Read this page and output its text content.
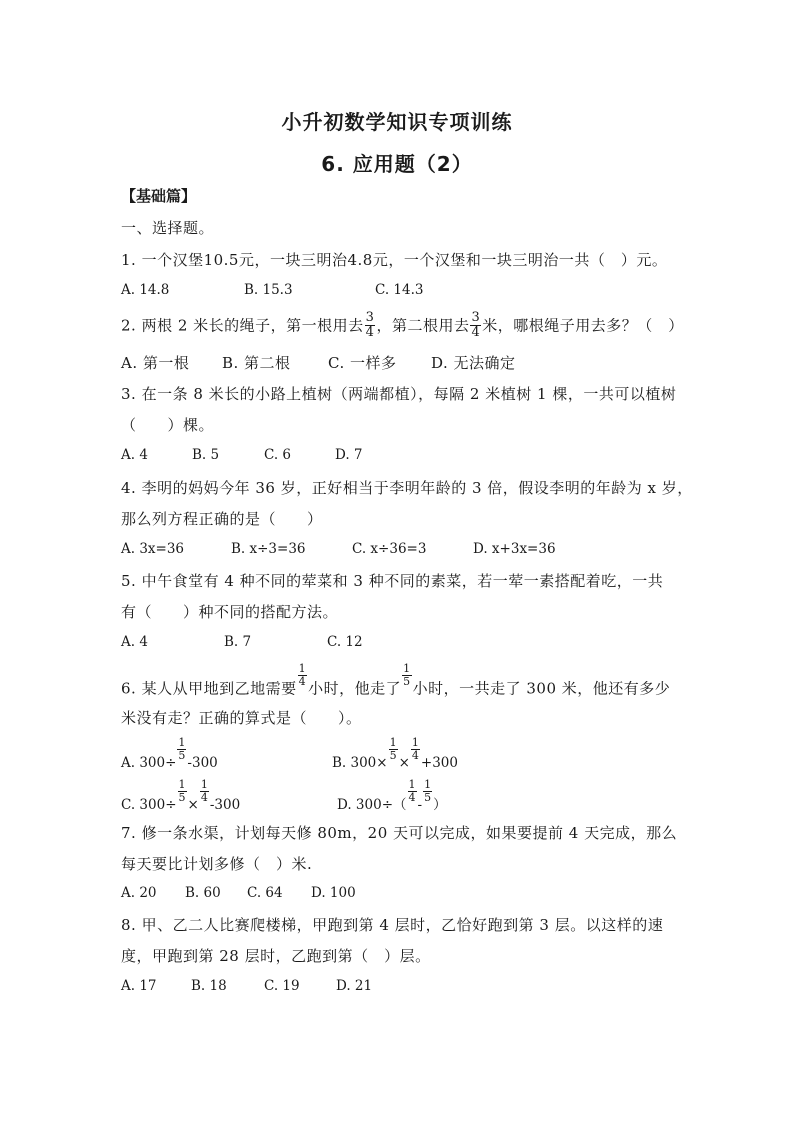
小升初数学知识专项训练
6. 应用题（2）
【基础篇】
一、选择题。
1. 一个汉堡10.5元，一块三明治4.8元，一个汉堡和一块三明治一共（　）元。
A. 14.8	B. 15.3	C. 14.3
2. 两根 2 米长的绳子，第一根用去 $\frac{3}{4}$ ，第二根用去 $\frac{3}{4}$ 米，哪根绳子用去多？（　）
A. 第一根 B. 第二根 C. 一样多 D. 无法确定
3. 在一条 8 米长的小路上植树（两端都植），每隔 2 米植树 1 棵，一共可以植树
（　　）棵。
A. 4	B. 5	C. 6	D. 7
4. 李明的妈妈今年 36 岁，正好相当于李明年龄的 3 倍，假设李明的年龄为 x 岁，
那么列方程正确的是（　　）
A. 3x=36	B. x÷3=36	C. x÷36=3	D. x+3x=36
5. 中午食堂有 4 种不同的荤菜和 3 种不同的素菜，若一荤一素搭配着吃，一共
有（　　）种不同的搭配方法。
A. 4	B. 7	C. 12
6. 某人从甲地到乙地需要
$\frac{1}{4}$
小时，他走了
$\frac{1}{5}$
小时，一共走了 300 米，他还有多少
米没有走？正确的算式是（　　）。
A. 300÷
$\frac{1}{5}$
-300	B. 300×
$\frac{1}{5}$
×
$\frac{1}{4}$
+300
C. 300÷
$\frac{1}{5}$
×
$\frac{1}{4}$
-300	D. 300÷（
$\frac{1}{4}$
-
$\frac{1}{5}$
）
7. 修一条水渠，计划每天修 80m，20 天可以完成，如果要提前 4 天完成，那么
每天要比计划多修（　）米.
A. 20 B. 60 C. 64 D. 100
8. 甲、乙二人比赛爬楼梯，甲跑到第 4 层时，乙恰好跑到第 3 层。以这样的速
度，甲跑到第 28 层时，乙跑到第（　）层。
A. 17	B. 18	C. 19	D. 21
